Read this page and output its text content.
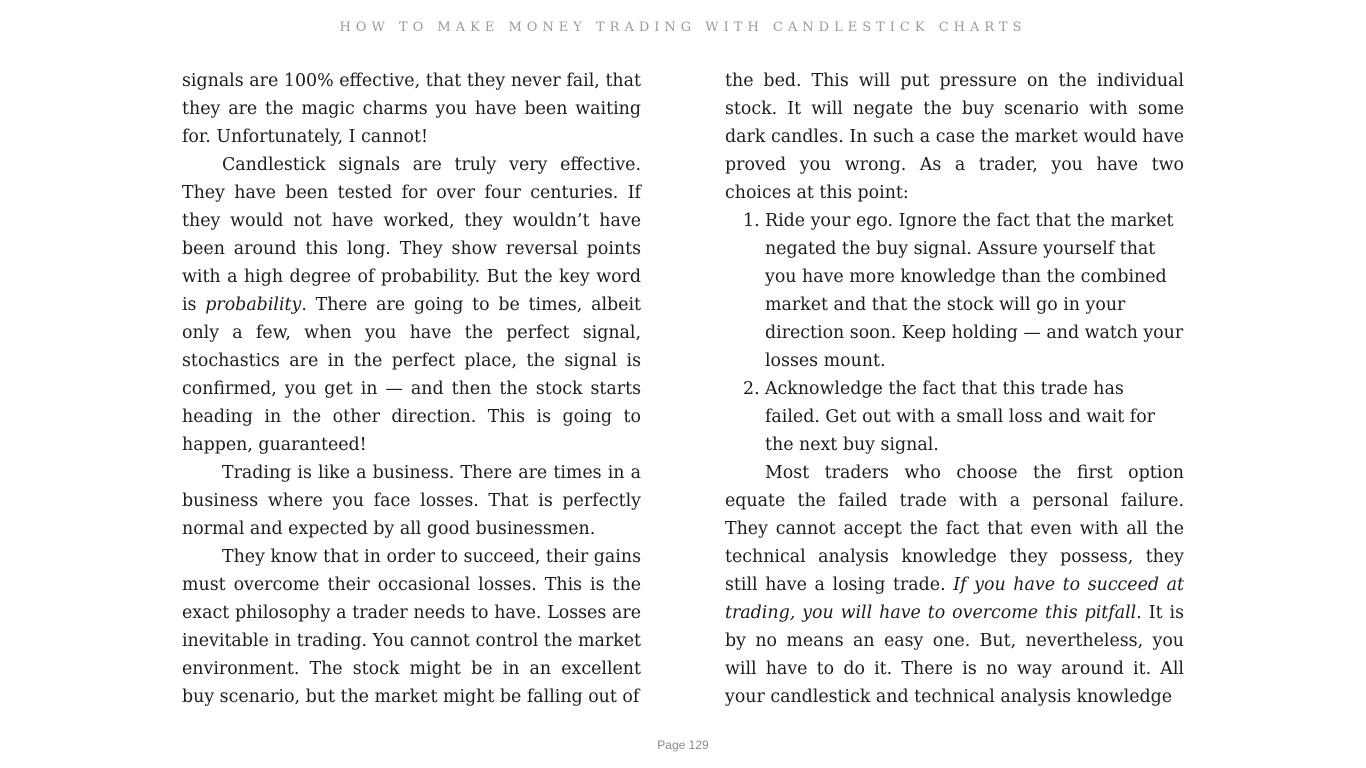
HOW TO MAKE MONEY TRADING WITH CANDLESTICK CHARTS

signals are 100% effective, that they never fail, that they are the magic charms you have been waiting for. Unfortunately, I cannot!

Candlestick signals are truly very effective. They have been tested for over four centuries. If they would not have worked, they wouldn’t have been around this long. They show reversal points with a high degree of probability. But the key word is probability. There are going to be times, albeit only a few, when you have the perfect signal, stochastics are in the perfect place, the signal is confirmed, you get in — and then the stock starts heading in the other direction. This is going to happen, guaranteed!

Trading is like a business. There are times in a business where you face losses. That is perfectly normal and expected by all good businessmen.

They know that in order to succeed, their gains must overcome their occasional losses. This is the exact philosophy a trader needs to have. Losses are inevitable in trading. You cannot control the market environment. The stock might be in an excellent buy scenario, but the market might be falling out of

the bed. This will put pressure on the individual stock. It will negate the buy scenario with some dark candles. In such a case the market would have proved you wrong. As a trader, you have two choices at this point:

1. Ride your ego. Ignore the fact that the market negated the buy signal. Assure yourself that you have more knowledge than the combined market and that the stock will go in your direction soon. Keep holding — and watch your losses mount.
2. Acknowledge the fact that this trade has failed. Get out with a small loss and wait for the next buy signal.

Most traders who choose the first option equate the failed trade with a personal failure. They cannot accept the fact that even with all the technical analysis knowledge they possess, they still have a losing trade. If you have to succeed at trading, you will have to overcome this pitfall. It is by no means an easy one. But, nevertheless, you will have to do it. There is no way around it. All your candlestick and technical analysis knowledge

Page 129
